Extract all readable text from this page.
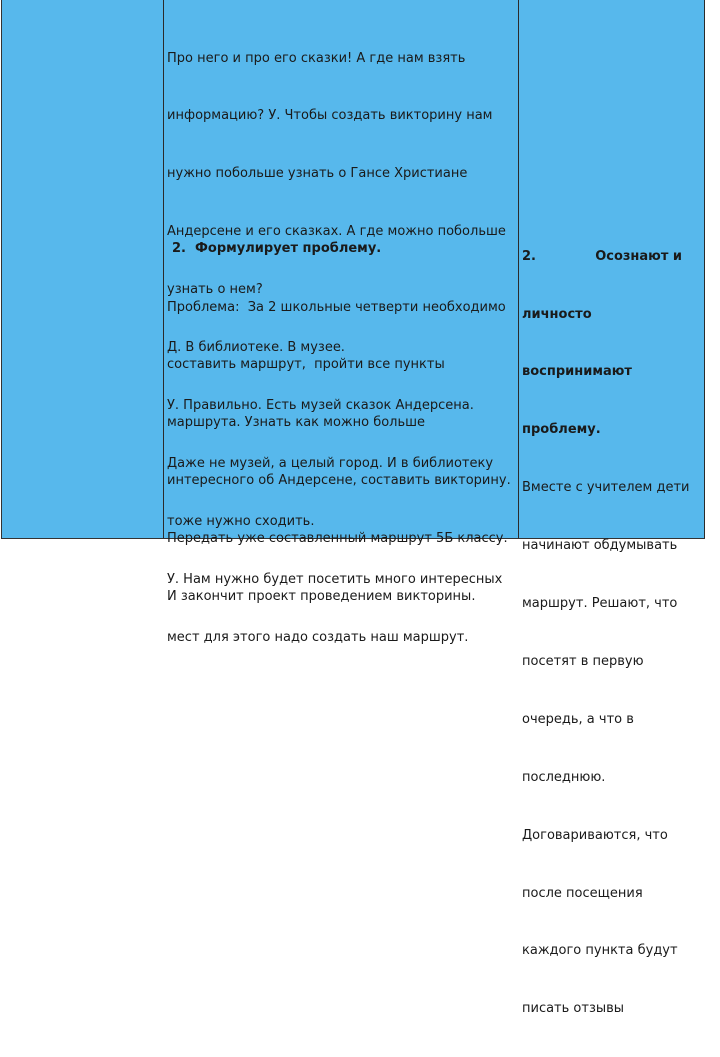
Про него и про его сказки! А где нам взять

информацию? У. Чтобы создать викторину нам

нужно побольше узнать о Гансе Христиане

Андерсене и его сказках. А где можно побольше

узнать о нем?

Д. В библиотеке. В музее.

У. Правильно. Есть музей сказок Андерсена.

Даже не музей, а целый город. И в библиотеку

тоже нужно сходить.

У. Нам нужно будет посетить много интересных

мест для этого надо создать наш маршрут.

2.  Формулирует проблему.

Проблема:  За 2 школьные четверти необходимо

составить маршрут,  пройти все пункты

маршрута. Узнать как можно больше

интересного об Андерсене, составить викторину.

Передать уже составленный маршрут 5Б классу.

И закончит проект проведением викторины.

2.	Осознают и

личносто

воспринимают

проблему.

Вместе с учителем дети

начинают обдумывать

маршрут. Решают, что

посетят в первую

очередь, а что в

последнюю.

Договариваются, что

после посещения

каждого пункта будут

писать отзывы
